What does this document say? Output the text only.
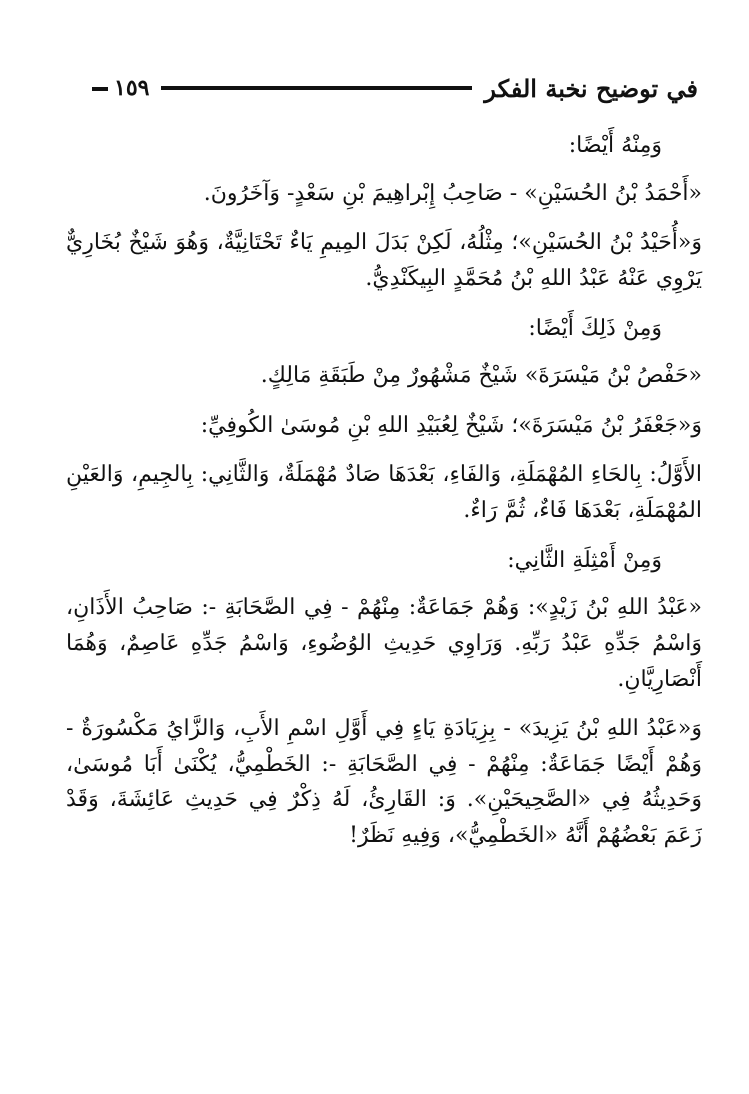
في توضيح نخبة الفكر
١٥٩

وَمِنْهُ أَيْضًا:

«أَحْمَدُ بْنُ الحُسَيْنِ» - صَاحِبُ إِبْراهِيمَ بْنِ سَعْدٍ- وَآخَرُونَ.

وَ«أُحَيْدُ بْنُ الحُسَيْنِ»؛ مِثْلُهُ، لَكِنْ بَدَلَ المِيمِ يَاءٌ تَحْتَانِيَّةٌ، وَهُوَ شَيْخٌ بُخَارِيٌّ يَرْوِي عَنْهُ عَبْدُ اللهِ بْنُ مُحَمَّدٍ البِيكَنْدِيُّ.

وَمِنْ ذَلِكَ أَيْضًا:

«حَفْصُ بْنُ مَيْسَرَةَ» شَيْخٌ مَشْهُورٌ مِنْ طَبَقَةِ مَالِكٍ.

وَ«جَعْفَرُ بْنُ مَيْسَرَةَ»؛ شَيْخٌ لِعُبَيْدِ اللهِ بْنِ مُوسَىٰ الكُوفِيِّ:

الأَوَّلُ: بِالحَاءِ المُهْمَلَةِ، وَالفَاءِ، بَعْدَهَا صَادٌ مُهْمَلَةٌ، وَالثَّانِي: بِالجِيمِ، وَالعَيْنِ المُهْمَلَةِ، بَعْدَهَا فَاءٌ، ثُمَّ رَاءٌ.

وَمِنْ أَمْثِلَةِ الثَّانِي:

«عَبْدُ اللهِ بْنُ زَيْدٍ»: وَهُمْ جَمَاعَةٌ: مِنْهُمْ - فِي الصَّحَابَةِ -: صَاحِبُ الأَذَانِ، وَاسْمُ جَدِّهِ عَبْدُ رَبِّهِ. وَرَاوِي حَدِيثِ الوُضُوءِ، وَاسْمُ جَدِّهِ عَاصِمٌ، وَهُمَا أَنْصَارِيَّانِ.

وَ«عَبْدُ اللهِ بْنُ يَزِيدَ» - بِزِيَادَةِ يَاءٍ فِي أَوَّلِ اسْمِ الأَبِ، وَالزَّايُ مَكْسُورَةٌ - وَهُمْ أَيْضًا جَمَاعَةٌ: مِنْهُمْ - فِي الصَّحَابَةِ -: الخَطْمِيُّ، يُكْنَىٰ أَبَا مُوسَىٰ، وَحَدِيثُهُ فِي «الصَّحِيحَيْنِ». وَ: القَارِئُ، لَهُ ذِكْرٌ فِي حَدِيثِ عَائِشَةَ، وَقَدْ زَعَمَ بَعْضُهُمْ أَنَّهُ «الخَطْمِيُّ»، وَفِيهِ نَظَرٌ!
